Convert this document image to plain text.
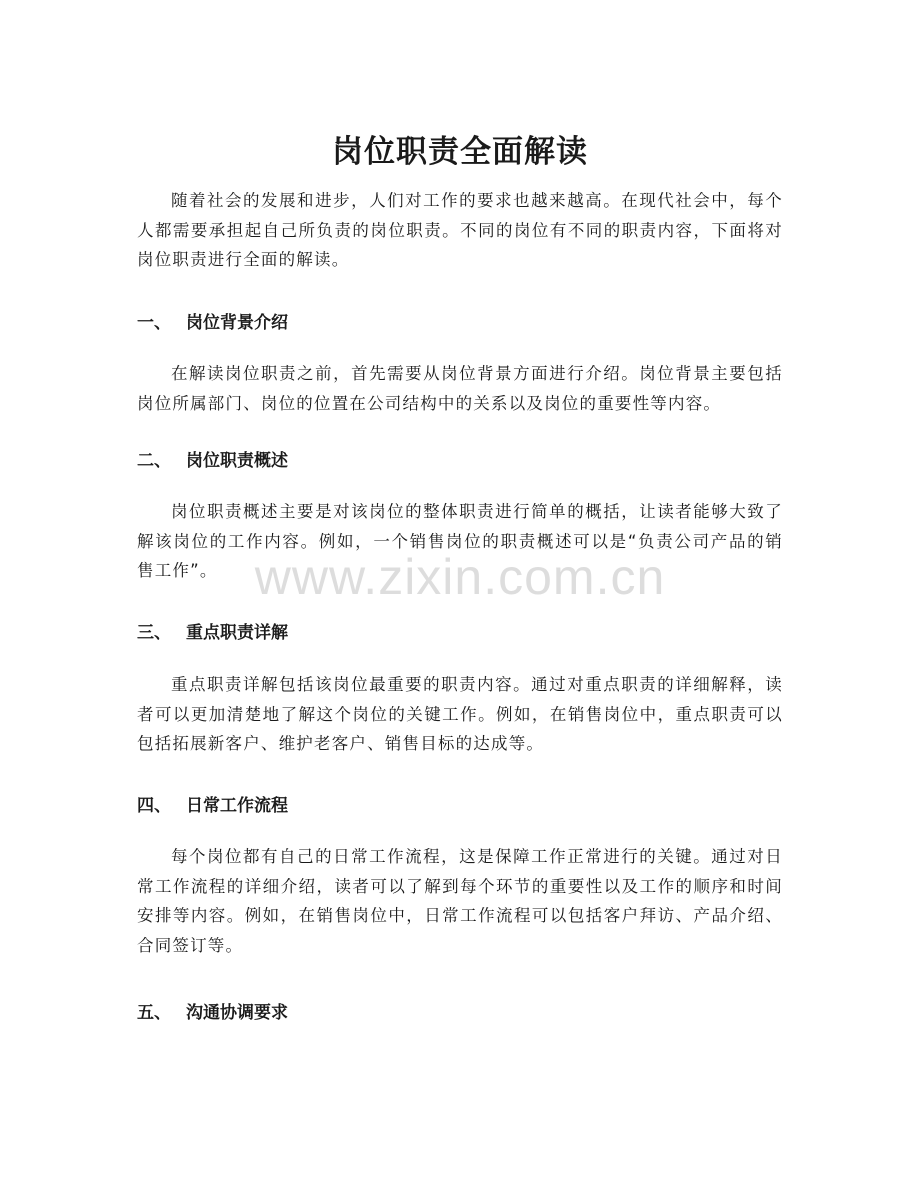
岗位职责全面解读

随着社会的发展和进步，人们对工作的要求也越来越高。在现代社会中，每个人都需要承担起自己所负责的岗位职责。不同的岗位有不同的职责内容，下面将对岗位职责进行全面的解读。

一、 岗位背景介绍

在解读岗位职责之前，首先需要从岗位背景方面进行介绍。岗位背景主要包括岗位所属部门、岗位的位置在公司结构中的关系以及岗位的重要性等内容。

二、 岗位职责概述

岗位职责概述主要是对该岗位的整体职责进行简单的概括，让读者能够大致了解该岗位的工作内容。例如，一个销售岗位的职责概述可以是“负责公司产品的销售工作”。

三、 重点职责详解

重点职责详解包括该岗位最重要的职责内容。通过对重点职责的详细解释，读者可以更加清楚地了解这个岗位的关键工作。例如，在销售岗位中，重点职责可以包括拓展新客户、维护老客户、销售目标的达成等。

四、 日常工作流程

每个岗位都有自己的日常工作流程，这是保障工作正常进行的关键。通过对日常工作流程的详细介绍，读者可以了解到每个环节的重要性以及工作的顺序和时间安排等内容。例如，在销售岗位中，日常工作流程可以包括客户拜访、产品介绍、合同签订等。

五、 沟通协调要求
www.zixin.com.cn
